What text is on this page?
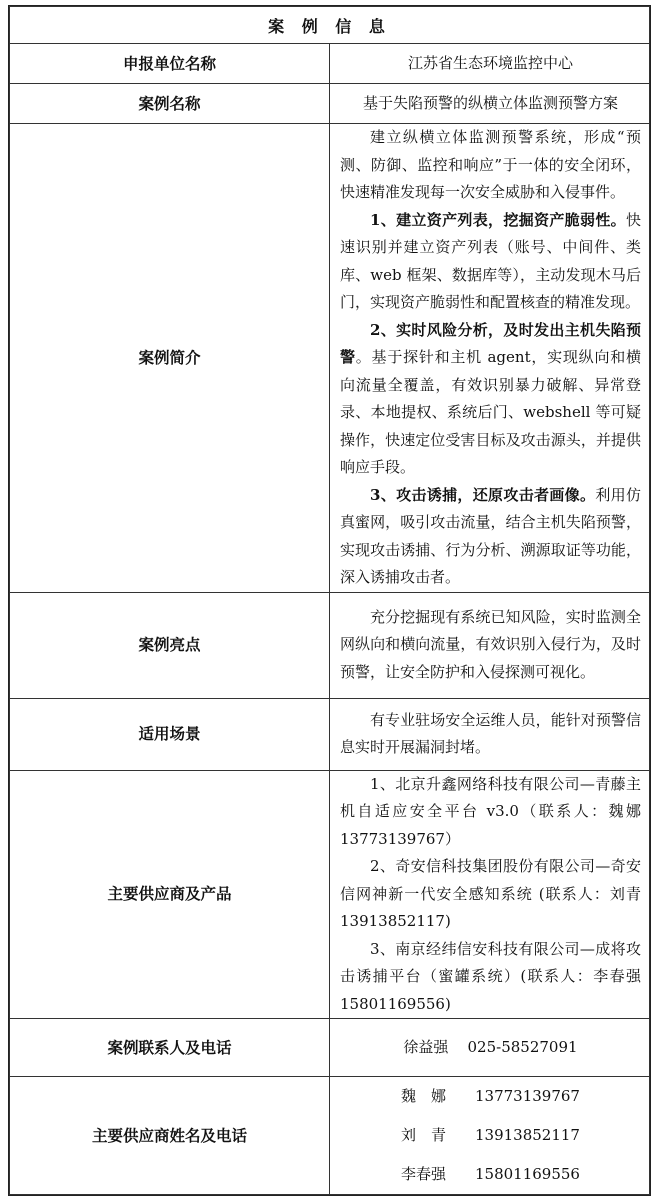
案 例 信 息	
申报单位名称	江苏省生态环境监控中心
案例名称	基于失陷预警的纵横立体监测预警方案
案例简介	建立纵横立体监测预警系统，形成“预测、防御、监控和响应”于一体的安全闭环，快速精准发现每一次安全威胁和入侵事件。

1、建立资产列表，挖掘资产脆弱性。快速识别并建立资产列表（账号、中间件、类库、web 框架、数据库等），主动发现木马后门，实现资产脆弱性和配置核查的精准发现。

2、实时风险分析，及时发出主机失陷预警。基于探针和主机 agent，实现纵向和横向流量全覆盖，有效识别暴力破解、异常登录、本地提权、系统后门、webshell 等可疑操作，快速定位受害目标及攻击源头，并提供响应手段。

3、攻击诱捕，还原攻击者画像。利用仿真蜜网，吸引攻击流量，结合主机失陷预警，实现攻击诱捕、行为分析、溯源取证等功能，深入诱捕攻击者。

案例亮点	充分挖掘现有系统已知风险，实时监测全网纵向和横向流量，有效识别入侵行为，及时预警，让安全防护和入侵探测可视化。

适用场景	有专业驻场安全运维人员，能针对预警信息实时开展漏洞封堵。

主要供应商及产品	1、北京升鑫网络科技有限公司—青藤主机自适应安全平台 v3.0（联系人：魏娜13773139767）

2、奇安信科技集团股份有限公司—奇安信网神新一代安全感知系统 (联系人：刘青13913852117)

3、南京经纬信安科技有限公司—成将攻击诱捕平台（蜜罐系统）(联系人：李春强15801169556)

案例联系人及电话	徐益强 025-58527091
主要供应商姓名及电话	魏　娜 13773139767
刘　青 13913852117
李春强 15801169556
